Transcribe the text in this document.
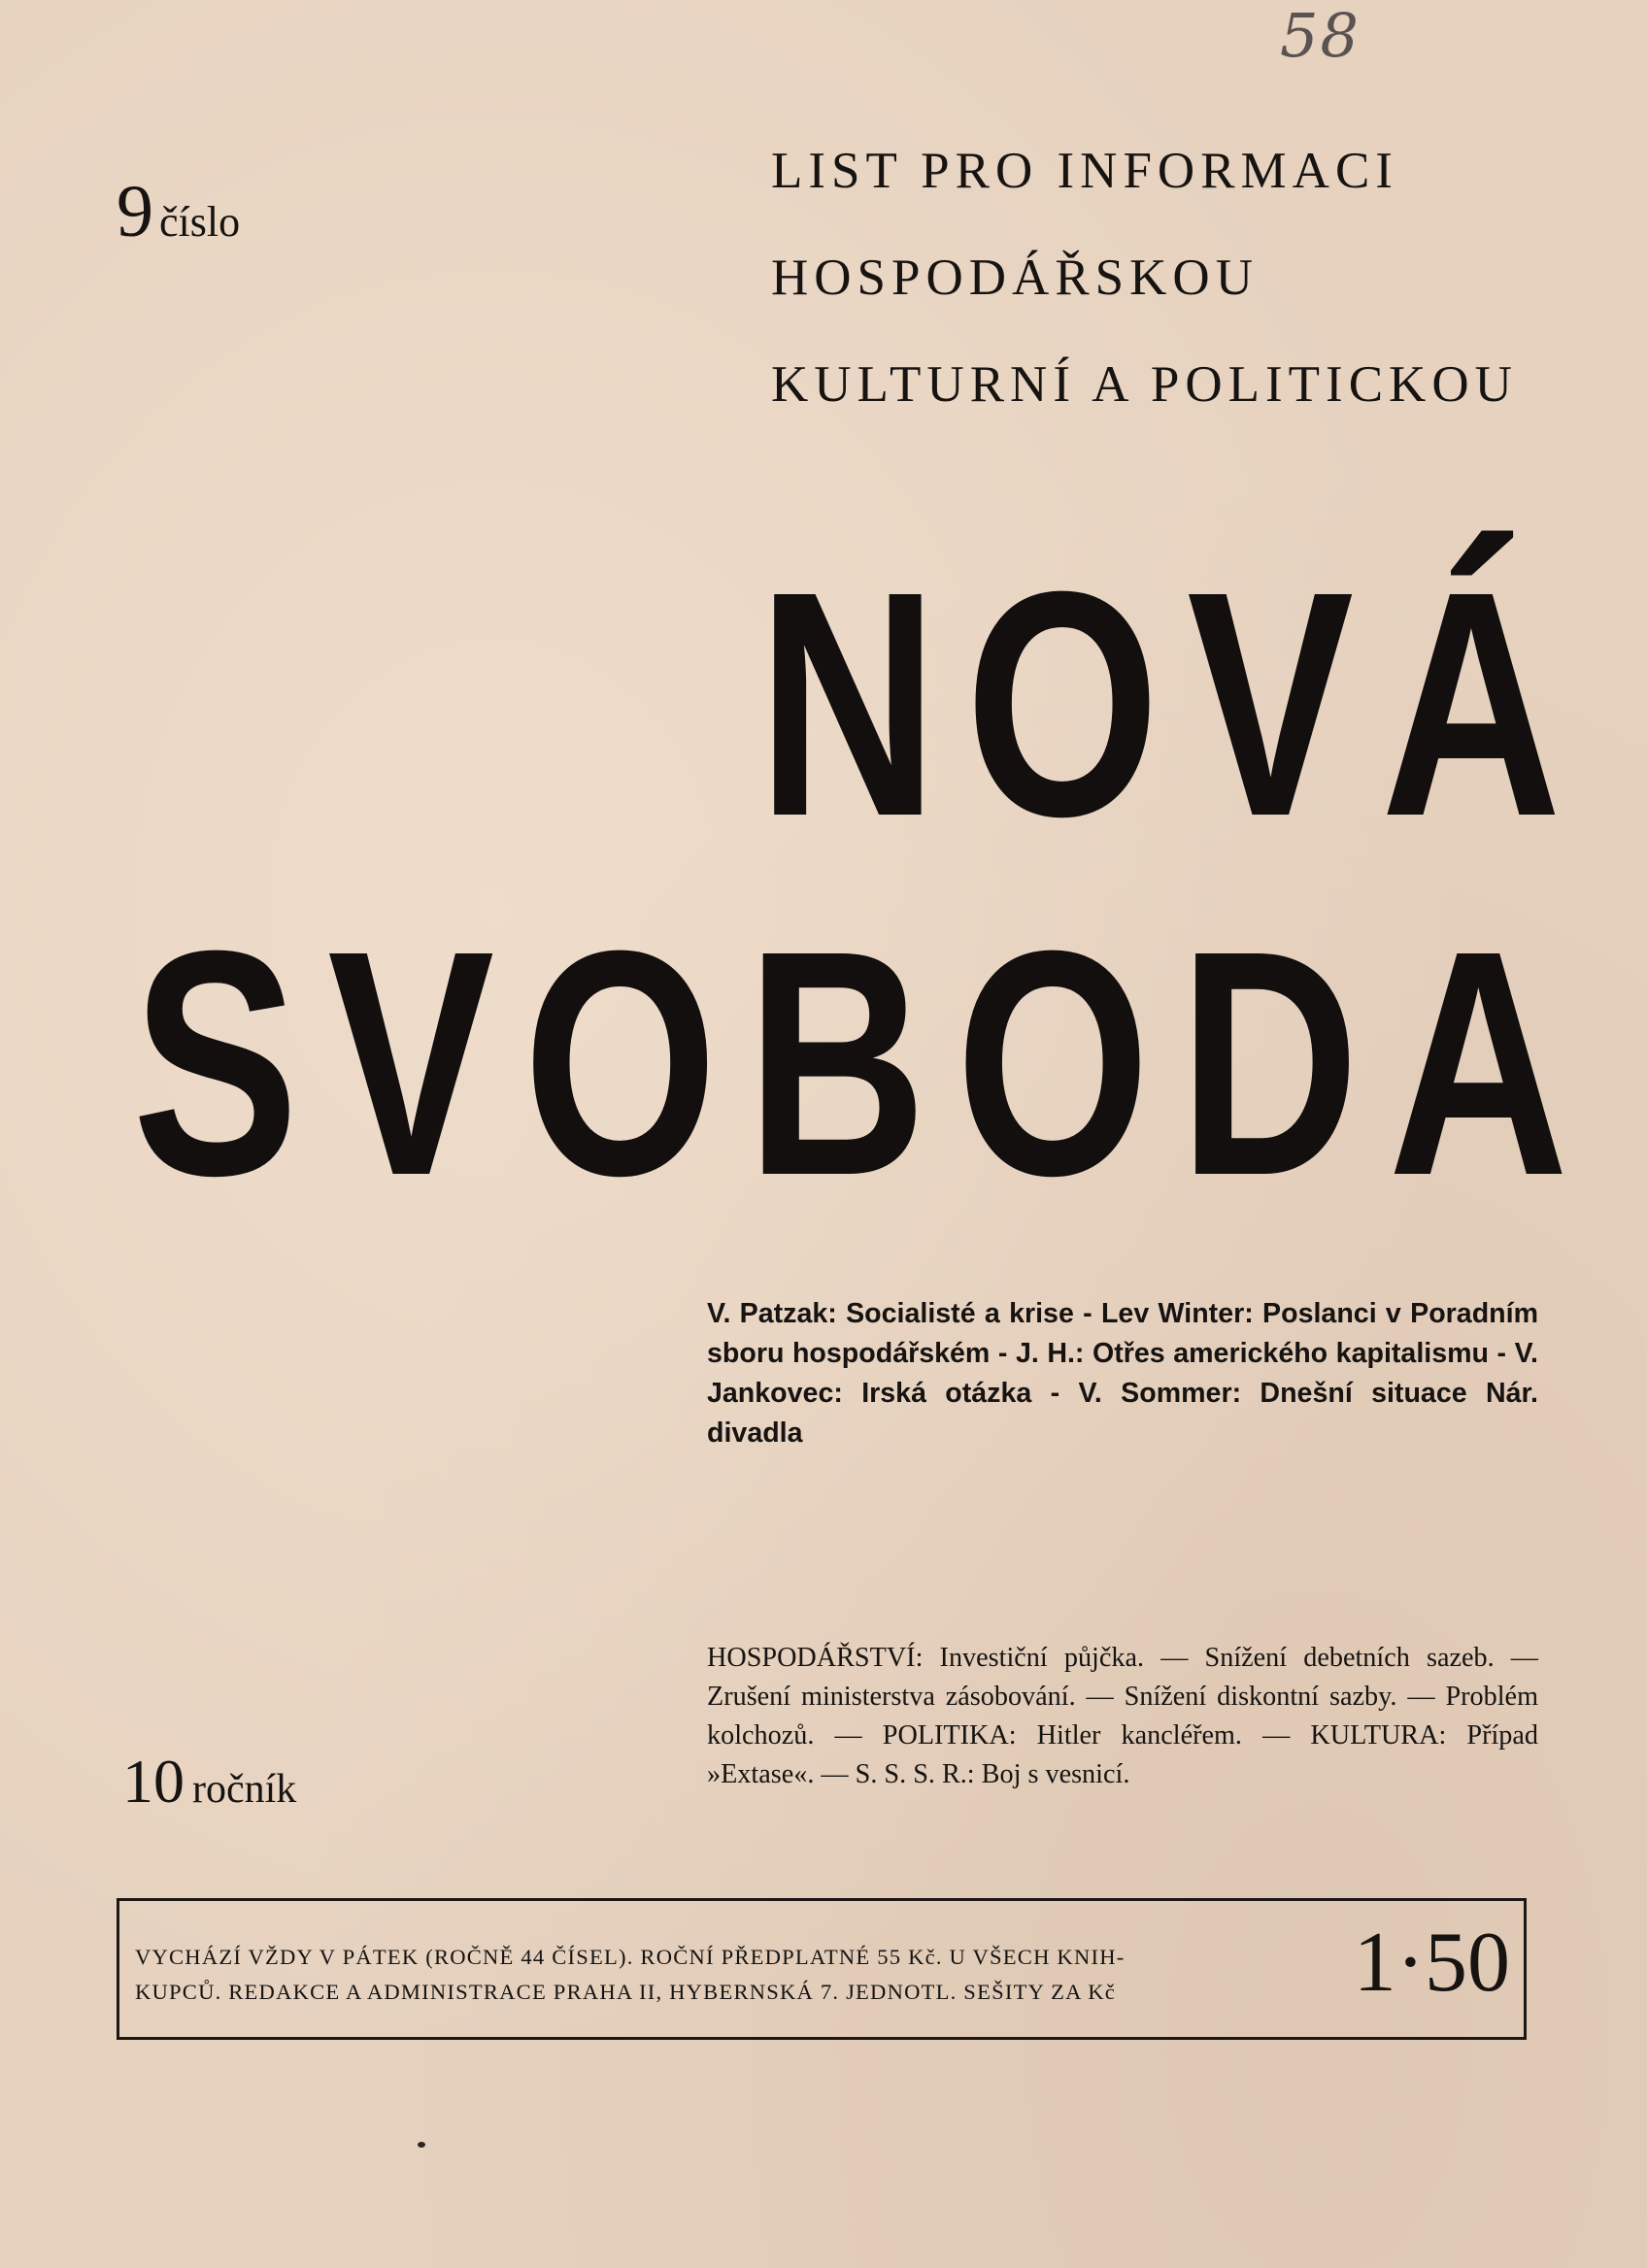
58
9 číslo
LIST PRO INFORMACI
HOSPODÁŘSKOU
KULTURNÍ A POLITICKOU
NOVÁ
SVOBODA
V. Patzak: Socialisté a krise - Lev Winter: Poslanci v Poradním sboru hospodářském - J. H.: Otřes amerického kapitalismu - V. Jankovec: Irská otázka - V. Sommer: Dnešní situace Nár. divadla
HOSPODÁŘSTVÍ: Investiční půjčka. — Snížení debetních sazeb. — Zrušení ministerstva zásobování. — Snížení diskontní sazby. — Problém kolchozů. — POLITIKA: Hitler kancléřem. — KULTURA: Případ »Extase«. — S. S. S. R.: Boj s vesnicí.
10 ročník
VYCHÁZÍ VŽDY V PÁTEK (ROČNĚ 44 ČÍSEL). ROČNÍ PŘEDPLATNÉ 55 Kč. U VŠECH KNIH-
KUPCŮ. REDAKCE A ADMINISTRACE PRAHA II, HYBERNSKÁ 7. JEDNOTL. SEŠITY ZA Kč	1·50
